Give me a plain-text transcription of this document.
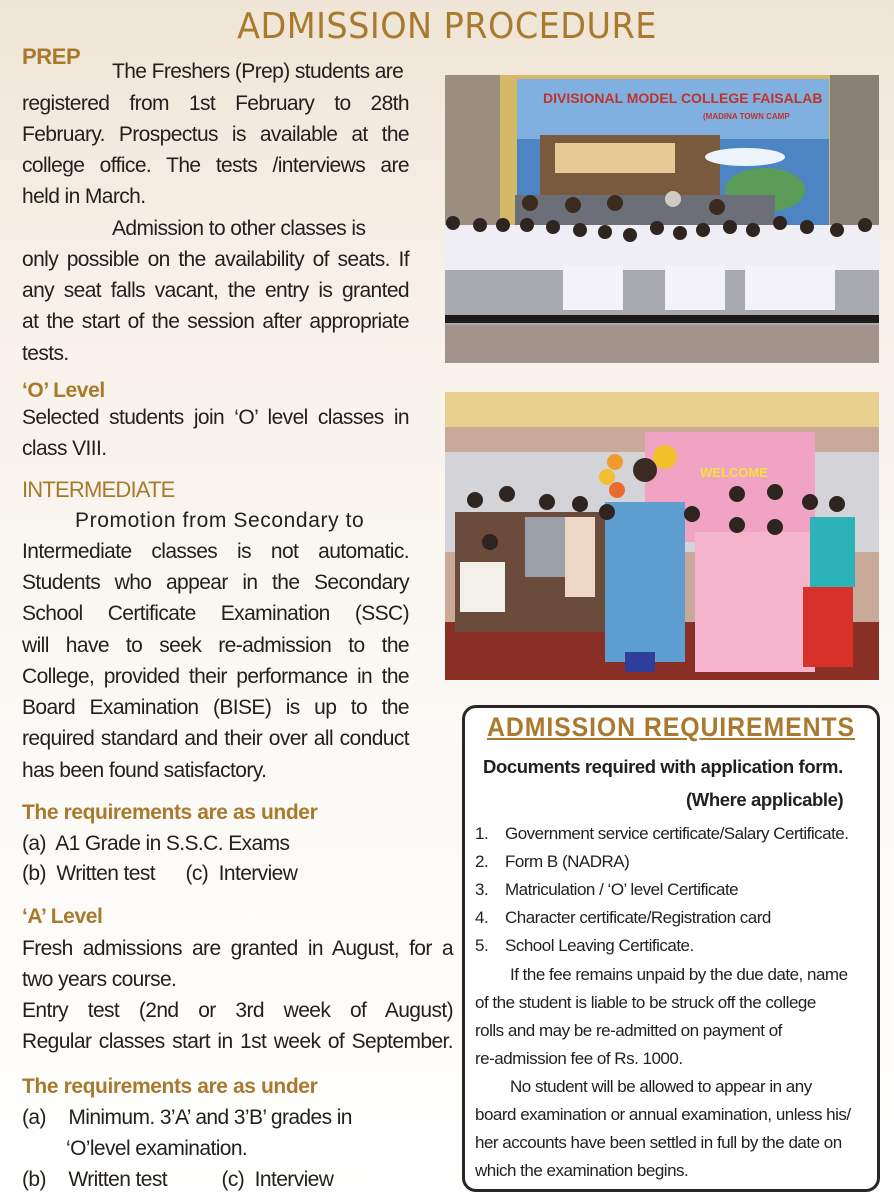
ADMISSION PROCEDURE
PREP
The Freshers (Prep) students are
registered from 1st February to 28th
February. Prospectus is available at the
college office. The tests /interviews are
held in March.
Admission to other classes is
only possible on the availability of seats. If
any seat falls vacant, the entry is granted
at the start of the session after appropriate
tests.
‘O’ Level
Selected students join ‘O’ level classes in
class VIII.
INTERMEDIATE
Promotion from Secondary to
Intermediate classes is not automatic.
Students who appear in the Secondary
School Certificate Examination (SSC)
will have to seek re-admission to the
College, provided their performance in the
Board Examination (BISE) is up to the
required standard and their over all conduct
has been found satisfactory.
The requirements are as under
(a) A1 Grade in S.S.C. Exams
(b) Written test (c) Interview
‘A’ Level
Fresh admissions are granted in August, for a
two years course.
Entry test (2nd or 3rd week of August)
Regular classes start in 1st week of September.
The requirements are as under
(a) Minimum. 3’A’ and 3’B’ grades in
‘O’level examination.
(b) Written test	(c) Interview
DIVISIONAL MODEL COLLEGE FAISALAB
(MADINA TOWN CAMP
WELCOME
ADMISSION REQUIREMENTS
Documents required with application form.
(Where applicable)
1. Government service certificate/Salary Certificate.
2. Form B (NADRA)
3. Matriculation / ‘O’ level Certificate
4. Character certificate/Registration card
5. School Leaving Certificate.
If the fee remains unpaid by the due date, name
of the student is liable to be struck off the college
rolls and may be re-admitted on payment of
re-admission fee of Rs. 1000.
No student will be allowed to appear in any
board examination or annual examination, unless his/
her accounts have been settled in full by the date on
which the examination begins.
